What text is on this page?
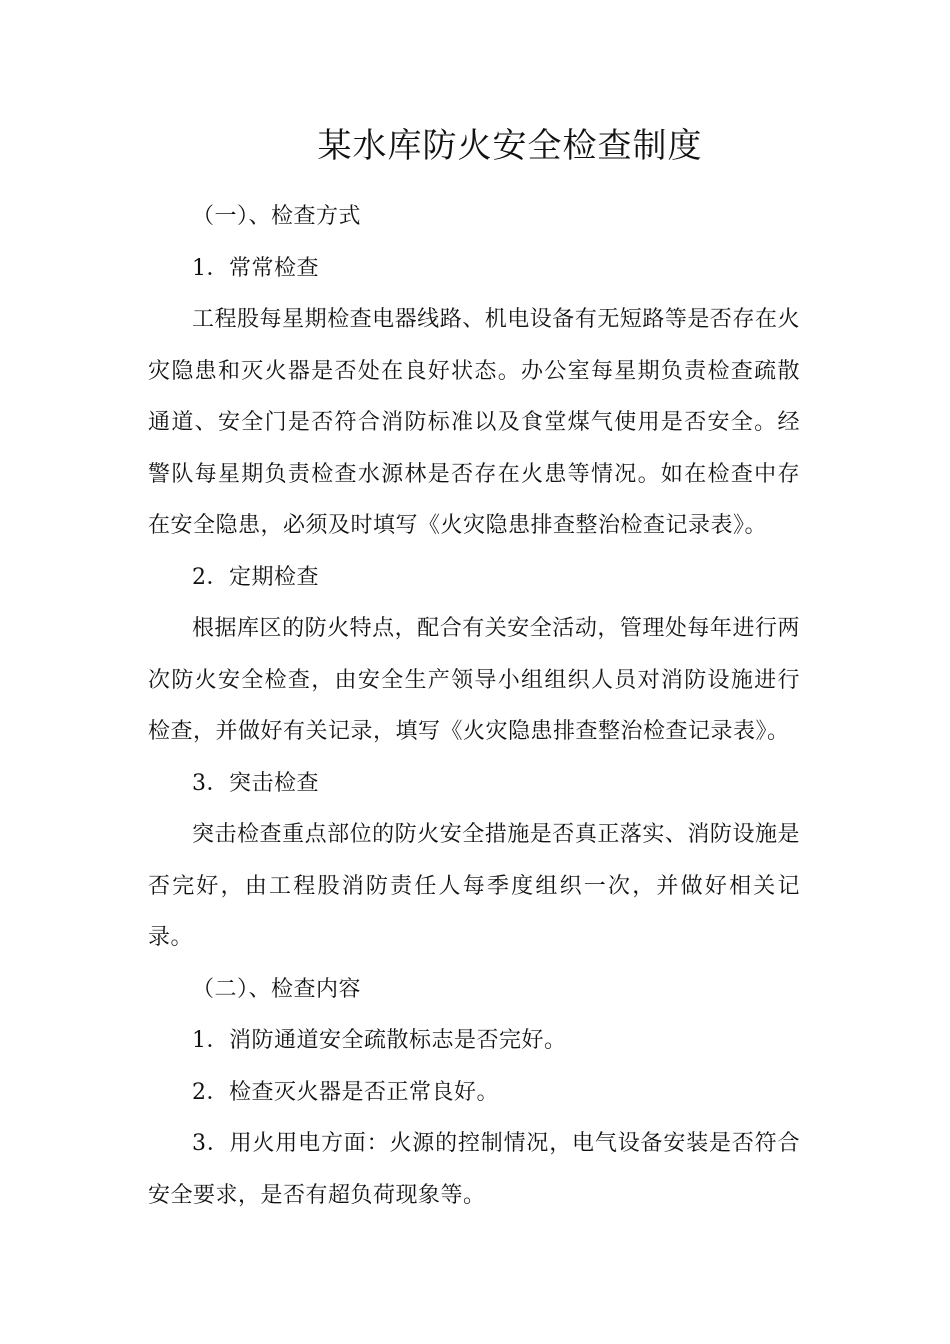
某水库防火安全检查制度

（一）、检查方式

1．常常检查

工程股每星期检查电器线路、机电设备有无短路等是否存在火灾隐患和灭火器是否处在良好状态。办公室每星期负责检查疏散通道、安全门是否符合消防标准以及食堂煤气使用是否安全。经警队每星期负责检查水源林是否存在火患等情况。如在检查中存在安全隐患，必须及时填写《火灾隐患排查整治检查记录表》。

2．定期检查

根据库区的防火特点，配合有关安全活动，管理处每年进行两次防火安全检查，由安全生产领导小组组织人员对消防设施进行检查，并做好有关记录，填写《火灾隐患排查整治检查记录表》。

3．突击检查

突击检查重点部位的防火安全措施是否真正落实、消防设施是否完好，由工程股消防责任人每季度组织一次，并做好相关记录。

（二）、检查内容

1．消防通道安全疏散标志是否完好。

2．检查灭火器是否正常良好。

3．用火用电方面：火源的控制情况，电气设备安装是否符合安全要求，是否有超负荷现象等。
